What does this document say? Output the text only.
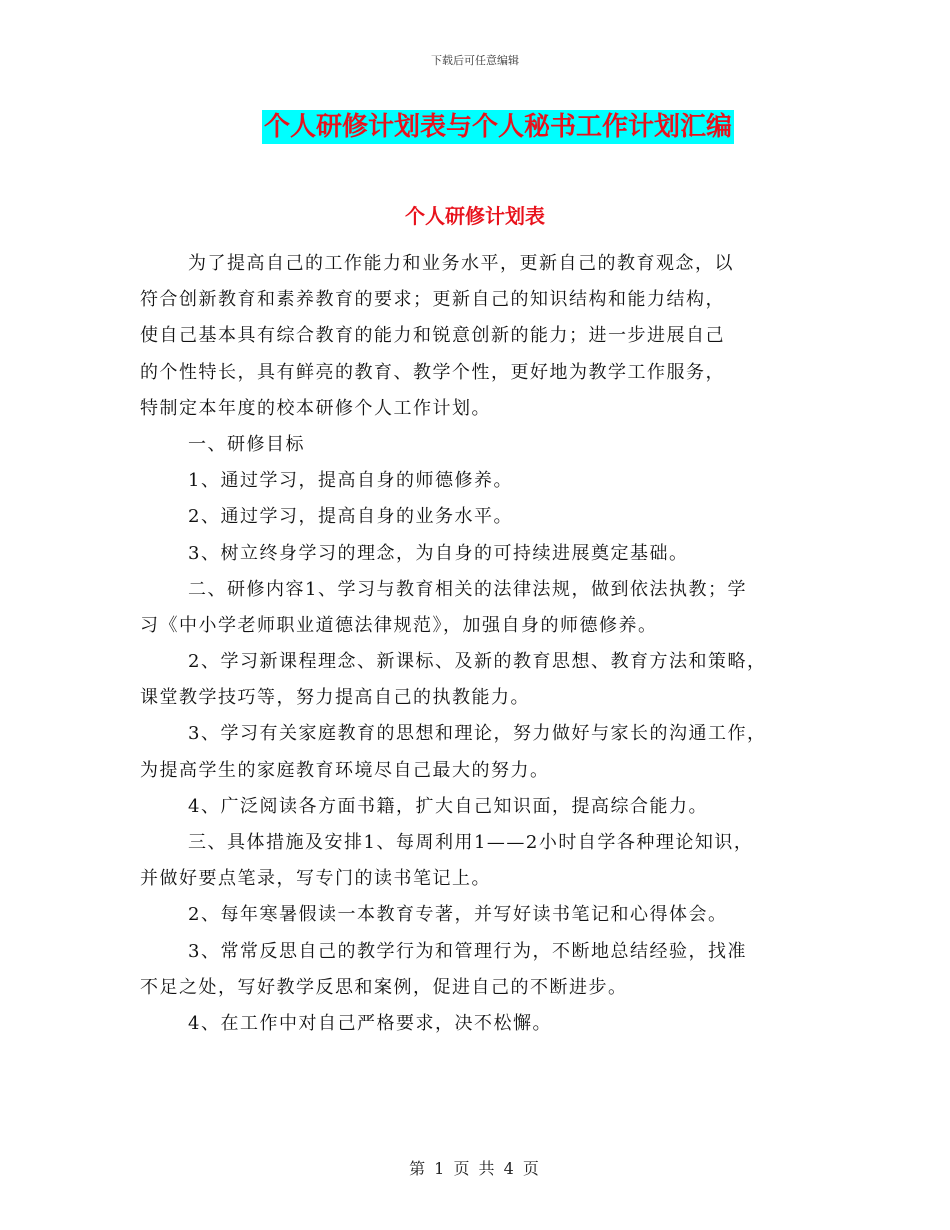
下载后可任意编辑
个人研修计划表与个人秘书工作计划汇编
个人研修计划表
为了提高自己的工作能力和业务水平，更新自己的教育观念，以
符合创新教育和素养教育的要求；更新自己的知识结构和能力结构，
使自己基本具有综合教育的能力和锐意创新的能力；进一步进展自己
的个性特长，具有鲜亮的教育、教学个性，更好地为教学工作服务，
特制定本年度的校本研修个人工作计划。
一、研修目标
1、通过学习，提高自身的师德修养。
2、通过学习，提高自身的业务水平。
3、树立终身学习的理念，为自身的可持续进展奠定基础。
二、研修内容1、学习与教育相关的法律法规，做到依法执教；学
习《中小学老师职业道德法律规范》，加强自身的师德修养。
2、学习新课程理念、新课标、及新的教育思想、教育方法和策略，
课堂教学技巧等，努力提高自己的执教能力。
3、学习有关家庭教育的思想和理论，努力做好与家长的沟通工作，
为提高学生的家庭教育环境尽自己最大的努力。
4、广泛阅读各方面书籍，扩大自己知识面，提高综合能力。
三、具体措施及安排1、每周利用1——2小时自学各种理论知识，
并做好要点笔录，写专门的读书笔记上。
2、每年寒暑假读一本教育专著，并写好读书笔记和心得体会。
3、常常反思自己的教学行为和管理行为，不断地总结经验，找准
不足之处，写好教学反思和案例，促进自己的不断进步。
4、在工作中对自己严格要求，决不松懈。
第 1 页 共 4 页
